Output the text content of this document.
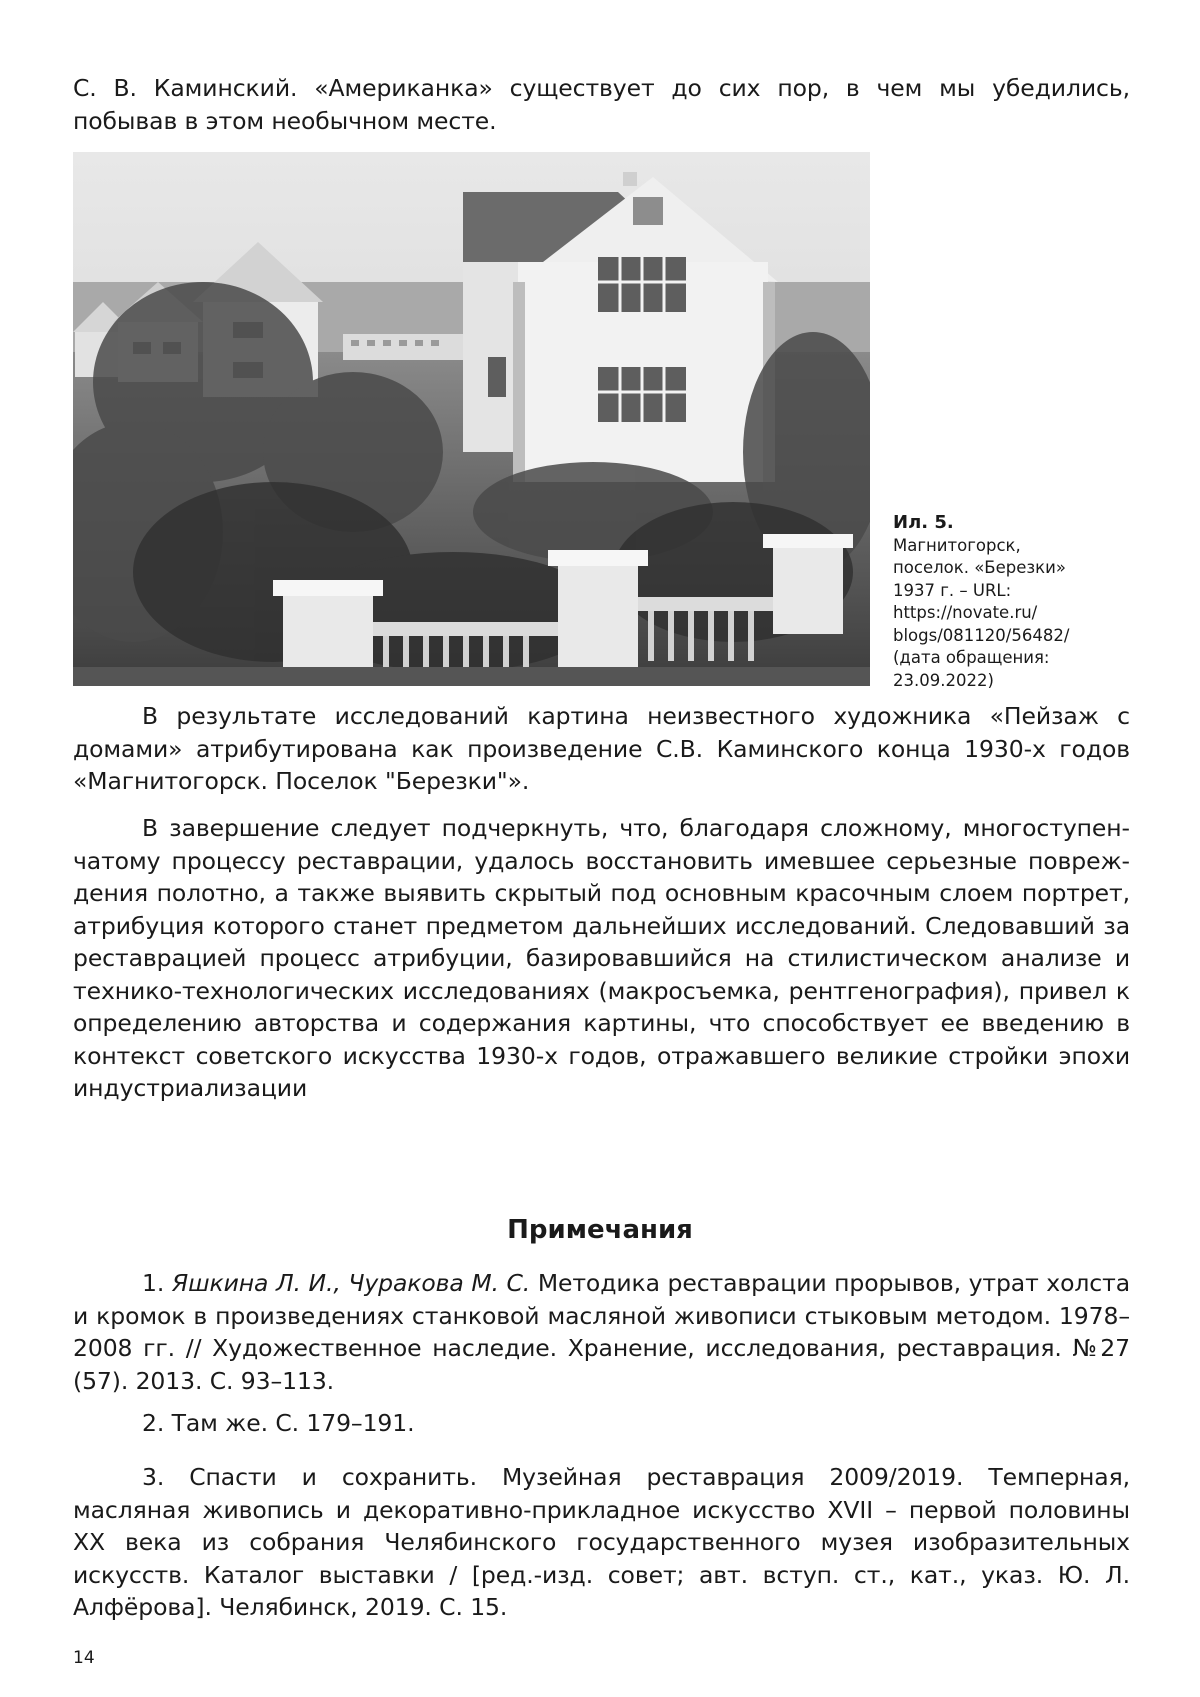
С. В. Каминский. «Американка» существует до сих пор, в чем мы убедились, побывав в этом необычном месте.
Ил. 5.
Магнитогорск,
поселок. «Березки»
1937 г. – URL:
https://novate.ru/
blogs/081120/56482/
(дата обращения:
23.09.2022)
В результате исследований картина неизвестного художника «Пейзаж с домами» атрибутирована как произведение С.В. Каминского конца 1930-х годов «Магнитогорск. Поселок "Березки"».
В завершение следует подчеркнуть, что, благодаря сложному, многоступенчатому процессу реставрации, удалось восстановить имевшее серьезные повреждения полотно, а также выявить скрытый под основным красочным слоем портрет, атрибуция которого станет предметом дальнейших исследований. Следовавший за реставрацией процесс атрибуции, базировавшийся на стилистическом анализе и технико-технологических исследованиях (макросъемка, рентгенография), привел к определению авторства и содержания картины, что способствует ее введению в контекст советского искусства 1930-х годов, отражавшего великие стройки эпохи индустриализации
Примечания
1. Яшкина Л. И., Чуракова М. С. Методика реставрации прорывов, утрат холста и кромок в произведениях станковой масляной живописи стыковым методом. 1978–2008 гг. // Художественное наследие. Хранение, исследования, реставрация. №27 (57). 2013. С. 93–113.
2. Там же. С. 179–191.
3. Спасти и сохранить. Музейная реставрация 2009/2019. Темперная, масляная живопись и декоративно-прикладное искусство XVII – первой половины XX века из собрания Челябинского государственного музея изобразительных искусств. Каталог выставки / [ред.-изд. совет; авт. вступ. ст., кат., указ. Ю. Л. Алфёрова]. Челябинск, 2019. С. 15.
14
